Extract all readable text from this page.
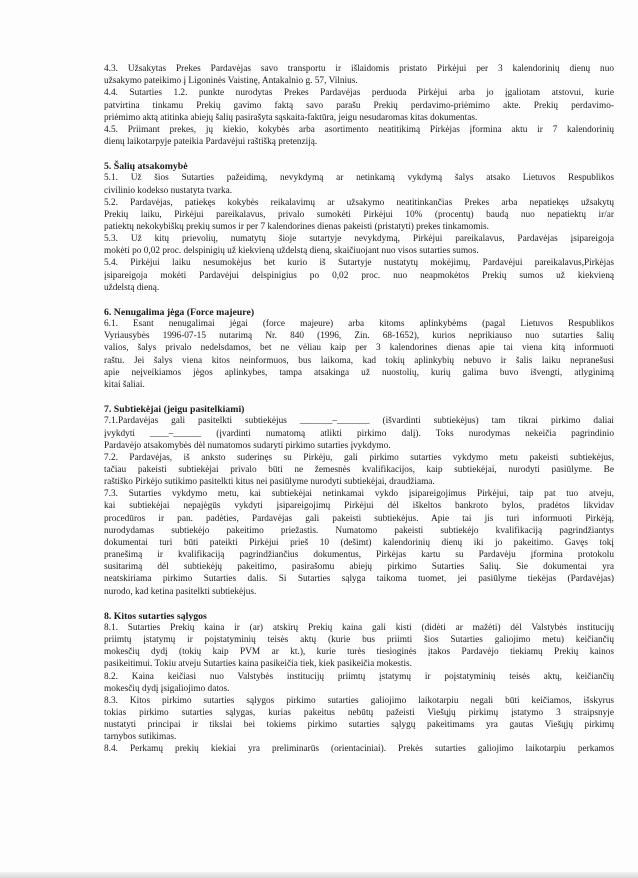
4.3. Užsakytas Prekes Pardavėjas savo transportu ir išlaidomis pristato Pirkėjui per 3 kalendorinių dienų nuo
užsakymo pateikimo į Ligoninės Vaistinę, Antakalnio g. 57, Vilnius.
4.4. Sutarties 1.2. punkte nurodytas Prekes Pardavėjas perduoda Pirkėjui arba jo įgaliotam atstovui, kurie
patvirtina tinkamu Prekių gavimo faktą savo parašu Prekių perdavimo-priėmimo akte. Prekių perdavimo-
priėmimo aktą atitinka abiejų šalių pasirašyta sąskaita-faktūra, jeigu nesudaromas kitas dokumentas.
4.5. Priimant prekes, jų kiekio, kokybės arba asortimento neatitikimą Pirkėjas įformina aktu ir 7 kalendorinių
dienų laikotarpyje pateikia Pardavėjui raštišką pretenziją.
5. Šalių atsakomybė
5.1. Už šios Sutarties pažeidimą, nevykdymą ar netinkamą vykdymą šalys atsako Lietuvos Respublikos
civilinio kodekso nustatyta tvarka.
5.2. Pardavėjas, patiekęs kokybės reikalavimų ar užsakymo neatitinkančias Prekes arba nepatiekęs užsakytų
Prekių laiku, Pirkėjui pareikalavus, privalo sumokėti Pirkėjui 10% (procentų) baudą nuo nepatiektų ir/ar
patiektų nekokybiškų prekių sumos ir per 7 kalendorines dienas pakeisti (pristatyti) prekes tinkamomis.
5.3. Už kitų prievolių, numatytų šioje sutartyje nevykdymą, Pirkėjui pareikalavus, Pardavėjas įsipareigoja
mokėti po 0,02 proc. delspinigių už kiekvieną uždelstą dieną, skaičiuojant nuo visos sutarties sumos.
5.4. Pirkėjui laiku nesumokėjus bet kurio iš Sutartyje nustatytų mokėjimų, Pardavėjui pareikalavus,Pirkėjas
įsipareigoja mokėti Pardavėjui delspinigius po 0,02 proc. nuo neapmokėtos Prekių sumos už kiekvieną
uždelstą dieną.
6. Nenugalima jėga (Force majeure)
6.1. Esant nenugalimai jėgai (force majeure) arba kitoms aplinkybėms (pagal Lietuvos Respublikos
Vyriausybės 1996-07-15 nutarimą Nr. 840 (1996, Žin. 68-1652), kurios neprikiauso nuo sutarties šalių
valios, šalys privalo nedelsdamos, bet ne vėliau kaip per 3 kalendorines dienas apie tai viena kitą informuoti
raštu. Jei šalys viena kitos neinformuos, bus laikoma, kad tokių aplinkybių nebuvo ir šalis laiku nepranešusi
apie neįveikiamos jėgos aplinkybes, tampa atsakinga už nuostolių, kurių galima buvo išvengti, atlyginimą
kitai šaliai.
7. Subtiekėjai (jeigu pasitelkiami)
7.1.Pardavėjas gali pasitelkti subtiekėjus _______–_______ (išvardinti subtiekėjus) tam tikrai pirkimo daliai
įvykdyti ____–______ (įvardinti numatomą atlikti pirkimo dalį). Toks nurodymas nekeičia pagrindinio
Pardavėjo atsakomybės dėl numatomos sudaryti pirkimo sutarties įvykdymo.
7.2. Pardavėjas, iš anksto suderinęs su Pirkėju, gali pirkimo sutarties vykdymo metu pakeisti subtiekėjus,
tačiau pakeisti subtiekėjai privalo būti ne žemesnės kvalifikacijos, kaip subtiekėjai, nurodyti pasiūlyme. Be
raštiško Pirkėjo sutikimo pasitelkti kitus nei pasiūlyme nurodyti subtiekėjai, draudžiama.
7.3. Sutarties vykdymo metu, kai subtiekėjai netinkamai vykdo įsipareigojimus Pirkėjui, taip pat tuo atveju,
kai subtiekėjai nepajėgūs vykdyti įsipareigojimų Pirkėjui dėl iškeltos bankroto bylos, pradėtos likvidav
procedūros ir pan. padėties, Pardavėjas gali pakeisti subtiekėjus. Apie tai jis turi informuoti Pirkėją,
nurodydamas subtiekėjo pakeitimo priežastis. Numatomo pakeisti subtiekėjo kvalifikaciją pagrindžiantys
dokumentai turi būti pateikti Pirkėjui prieš 10 (dešimt) kalendorinių dienų iki jo pakeitimo. Gavęs tokį
pranešimą ir kvalifikaciją pagrindžiančius dokumentus, Pirkėjas kartu su Pardavėju įformina protokolu
susitarimą dėl subtiekėjų pakeitimo, pasirašomu abiejų pirkimo Sutarties Šalių. Šie dokumentai yra
neatskiriama pirkimo Sutarties dalis. Ši Sutarties sąlyga taikoma tuomet, jei pasiūlyme tiekėjas (Pardavėjas)
nurodo, kad ketina pasitelkti subtiekėjus.
8. Kitos sutarties sąlygos
8.1. Sutarties Prekių kaina ir (ar) atskirų Prekių kaina gali kisti (didėti ar mažėti) dėl Valstybės institucijų
priimtų įstatymų ir poįstatyminių teisės aktų (kurie bus priimti šios Sutarties galiojimo metu) keičiančių
mokesčių dydį (tokių kaip PVM ar kt.), kurie turės tiesioginės įtakos Pardavėjo tiekiamų Prekių kainos
pasikeitimui. Tokiu atveju Sutarties kaina pasikeičia tiek, kiek pasikeičia mokestis.
8.2. Kaina keičiasi nuo Valstybės institucijų priimtų įstatymų ir poįstatyminių teisės aktų, keičiančių
mokesčių dydį įsigaliojimo datos.
8.3. Kitos pirkimo sutarties sąlygos pirkimo sutarties galiojimo laikotarpiu negali būti keičiamos, išskyrus
tokias pirkimo sutarties sąlygas, kurias pakeitus nebūtų pažeisti Viešųjų pirkimų įstatymo 3 straipsnyje
nustatyti principai ir tikslai bei tokiems pirkimo sutarties sąlygų pakeitimams yra gautas Viešųjų pirkimų
tarnybos sutikimas.
8.4. Perkamų prekių kiekiai yra preliminarūs (orientaciniai). Prekės sutarties galiojimo laikotarpiu perkamos
